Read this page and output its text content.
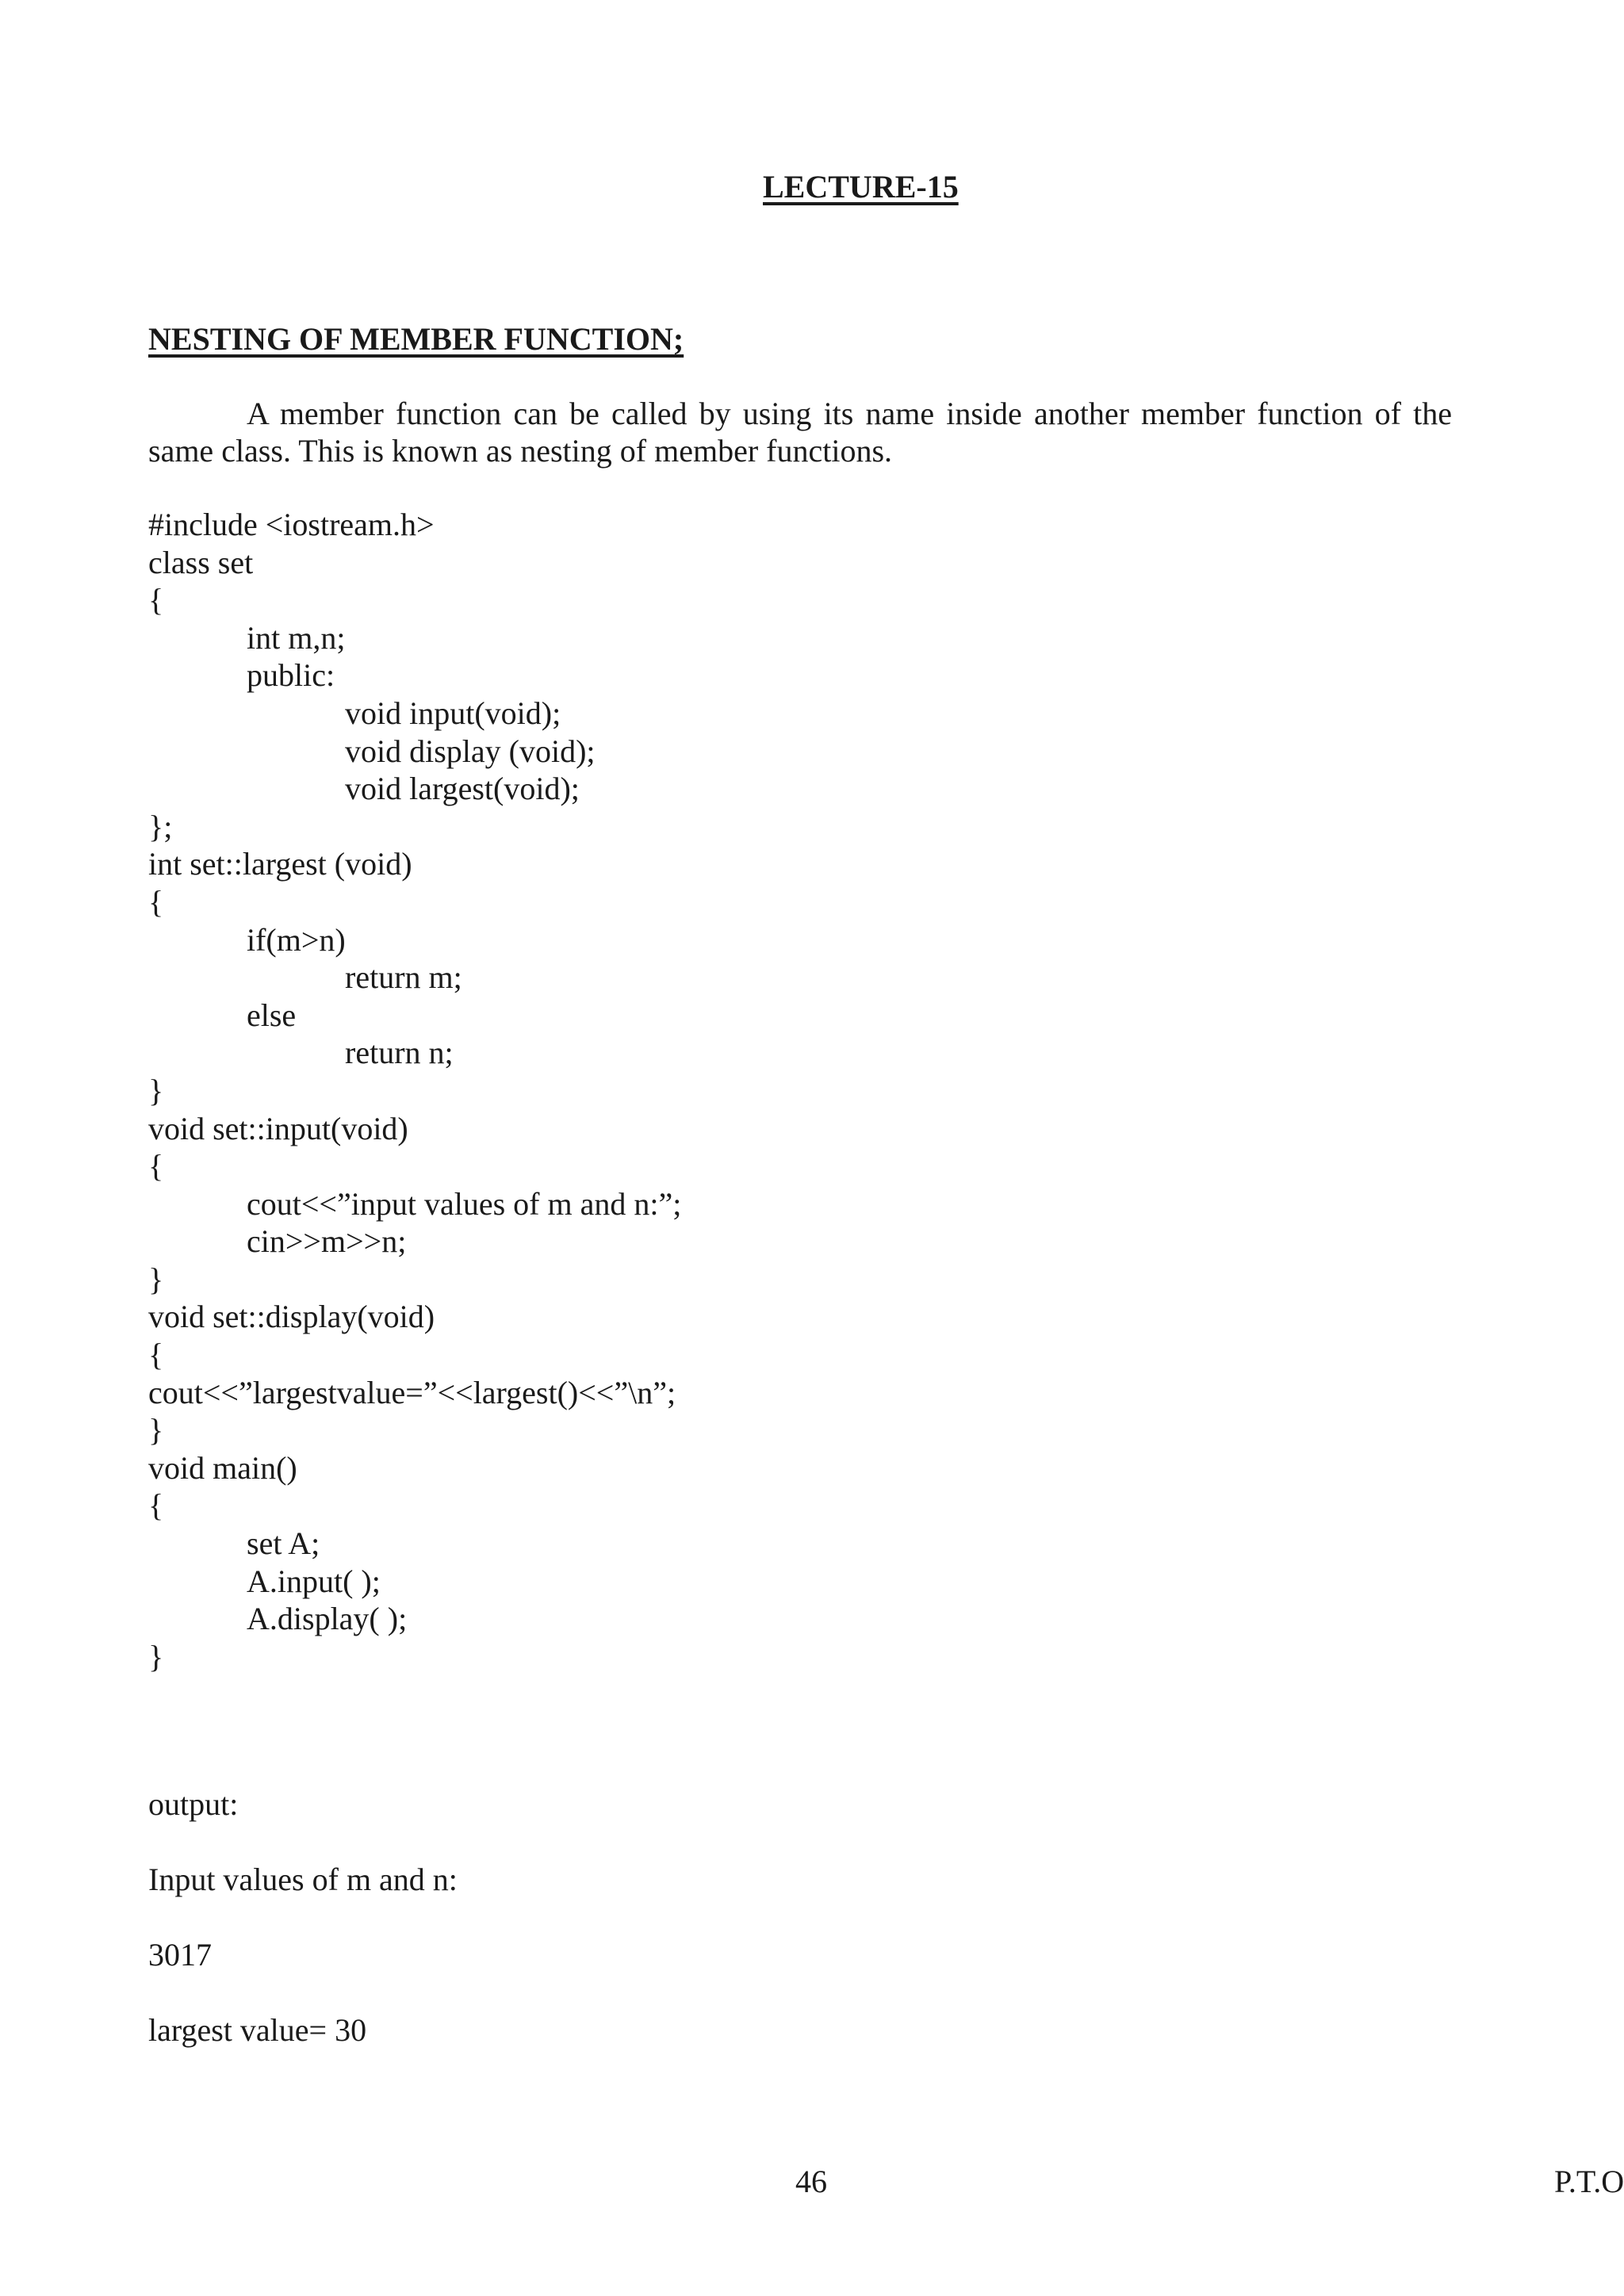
LECTURE-15
NESTING OF MEMBER FUNCTION;

A member function can be called by using its name inside another member function of the
same class. This is known as nesting of member functions.

#include <iostream.h>
class set
{
int m,n;
public:
void input(void);
void display (void);
void largest(void);
};
int set::largest (void)
{
if(m>n)
return m;
else
return n;
}
void set::input(void)
{
cout<<”input values of m and n:”;
cin>>m>>n;
}
void set::display(void)
{
cout<<”largestvalue=”<<largest()<<”\n”;
}
void main()
{
set A;
A.input( );
A.display( );
}
output:
Input values of m and n:
3017
largest value= 30
46	P.T.O
